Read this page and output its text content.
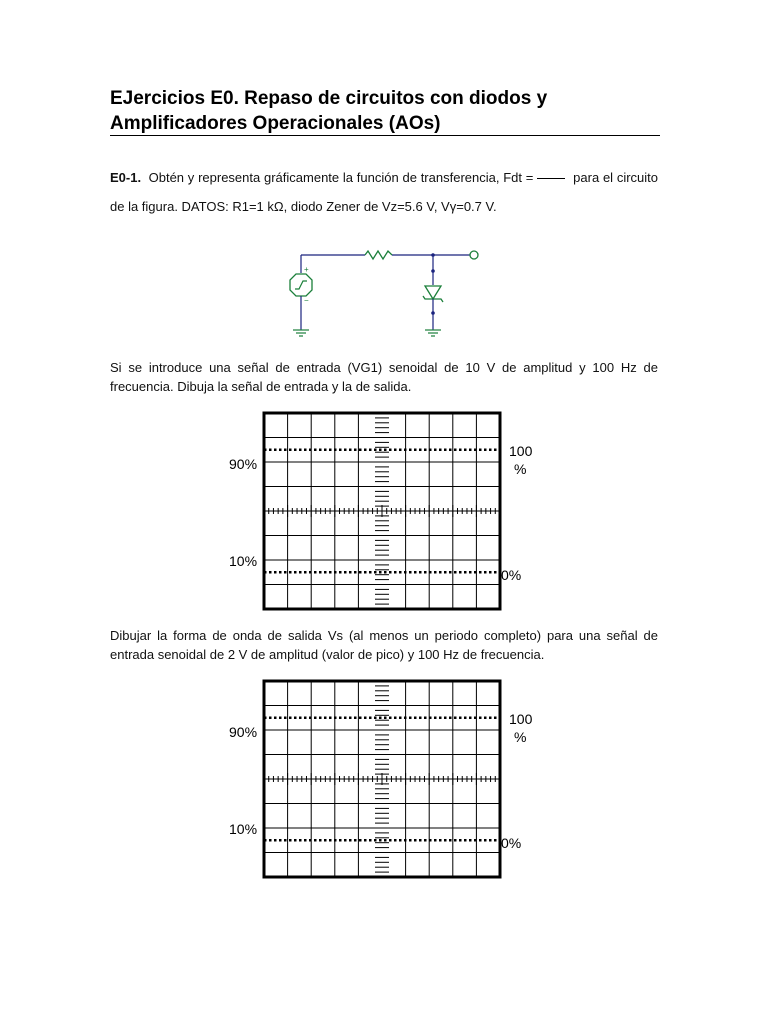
EJercicios E0. Repaso de circuitos con diodos y Amplificadores Operacionales (AOs)
E0-1. Obtén y representa gráficamente la función de transferencia, Fdt =	para el circuito de la figura. DATOS: R1=1 kΩ, diodo Zener de Vz=5.6 V, Vγ=0.7 V.
+
−
Si se introduce una señal de entrada (VG1) senoidal de 10 V de amplitud y 100 Hz de frecuencia. Dibuja la señal de entrada y la de salida.
90%
10%
100
%
0%
Dibujar la forma de onda de salida Vs (al menos un periodo completo) para una señal de entrada senoidal de 2 V de amplitud (valor de pico) y 100 Hz de frecuencia.
90%
10%
100
%
0%
